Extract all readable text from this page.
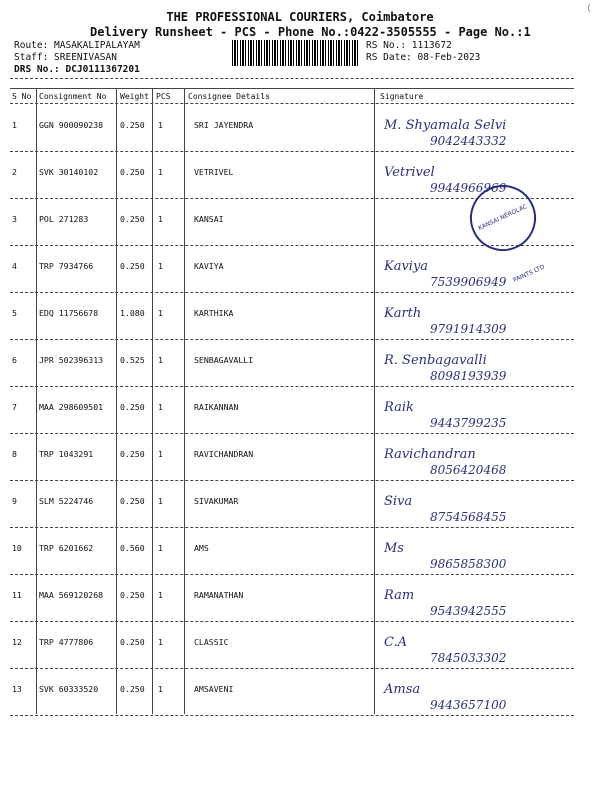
(
THE PROFESSIONAL COURIERS, Coimbatore
Delivery Runsheet - PCS - Phone No.:0422-3505555 - Page No.:1
Route: MASAKALIPALAYAM
Staff: SREENIVASAN
DRS No.: DCJ0111367201
RS No.: 1113672
RS Date: 08-Feb-2023
S No Consignment No Weight PCS Consignee Details	Signature
1	GGN 900090238 0.250 1	SRI JAYENDRA	M. Shyamala Selvi
9042443332
2	SVK 30140102	0.250 1	VETRIVEL	Vetrivel
9944966969
3	POL 271283	0.250 1	KANSAI
4	TRP 7934766	0.250 1	KAVIYA	Kaviya
7539906949
5	EDQ 11756678	1.080 1	KARTHIKA	Karth
9791914309
6	JPR 502396313 0.525 1	SENBAGAVALLI	R. Senbagavalli
8098193939
7	MAA 298609501 0.250 1	RAIKANNAN	Raik
9443799235
8	TRP 1043291	0.250 1	RAVICHANDRAN	Ravichandran
8056420468
9	SLM 5224746	0.250 1	SIVAKUMAR	Siva
8754568455
10 TRP 6201662	0.560 1	AMS	Ms
9865858300
11 MAA 569120268 0.250 1	RAMANATHAN	Ram
9543942555
12 TRP 4777806	0.250 1	CLASSIC	C.A
7845033302
13 SVK 60333520	0.250 1	AMSAVENI	Amsa
9443657100
KANSAI NEROLAC PAINTS LTD
